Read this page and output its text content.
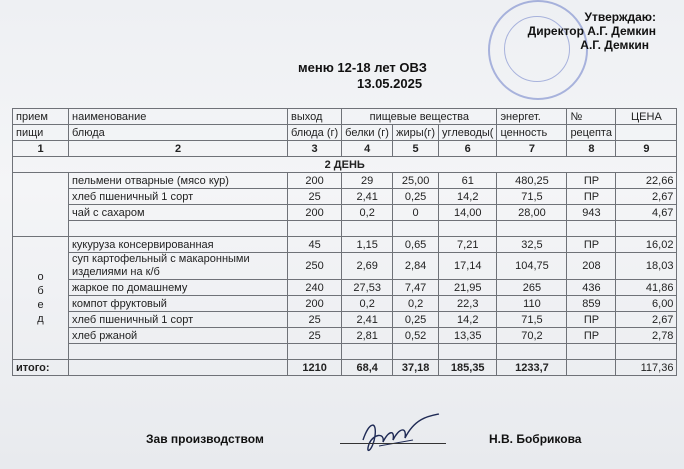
Утверждаю:
Директор А.Г. Демкин
А.Г. Демкин
меню 12-18 лет ОВЗ
13.05.2025
прием	наименование	выход	пищевые вещества			энергет.	№	ЦЕНА
пищи	блюда	блюда (г)	белки (г)	жиры(г)	углеводы(	ценность	рецепта	
1	2	3	4	5	6	7	8	9
2 ДЕНЬ								
	пельмени отварные (мясо кур)	200	29	25,00	61	480,25	ПР	22,66
	хлеб пшеничный 1 сорт	25	2,41	0,25	14,2	71,5	ПР	2,67
	чай с сахаром	200	0,2	0	14,00	28,00	943	4,67

о б е д	кукуруза консервированная	45	1,15	0,65	7,21	32,5	ПР	16,02
	суп картофельный с макаронными изделиями на к/б	250	2,69	2,84	17,14	104,75	208	18,03
	жаркое по домашнему	240	27,53	7,47	21,95	265	436	41,86
	компот фруктовый	200	0,2	0,2	22,3	110	859	6,00
	хлеб пшеничный 1 сорт	25	2,41	0,25	14,2	71,5	ПР	2,67
	хлеб ржаной	25	2,81	0,52	13,35	70,2	ПР	2,78

итого:		1210	68,4	37,18	185,35	1233,7		117,36
Зав производством	Н.В. Бобрикова
